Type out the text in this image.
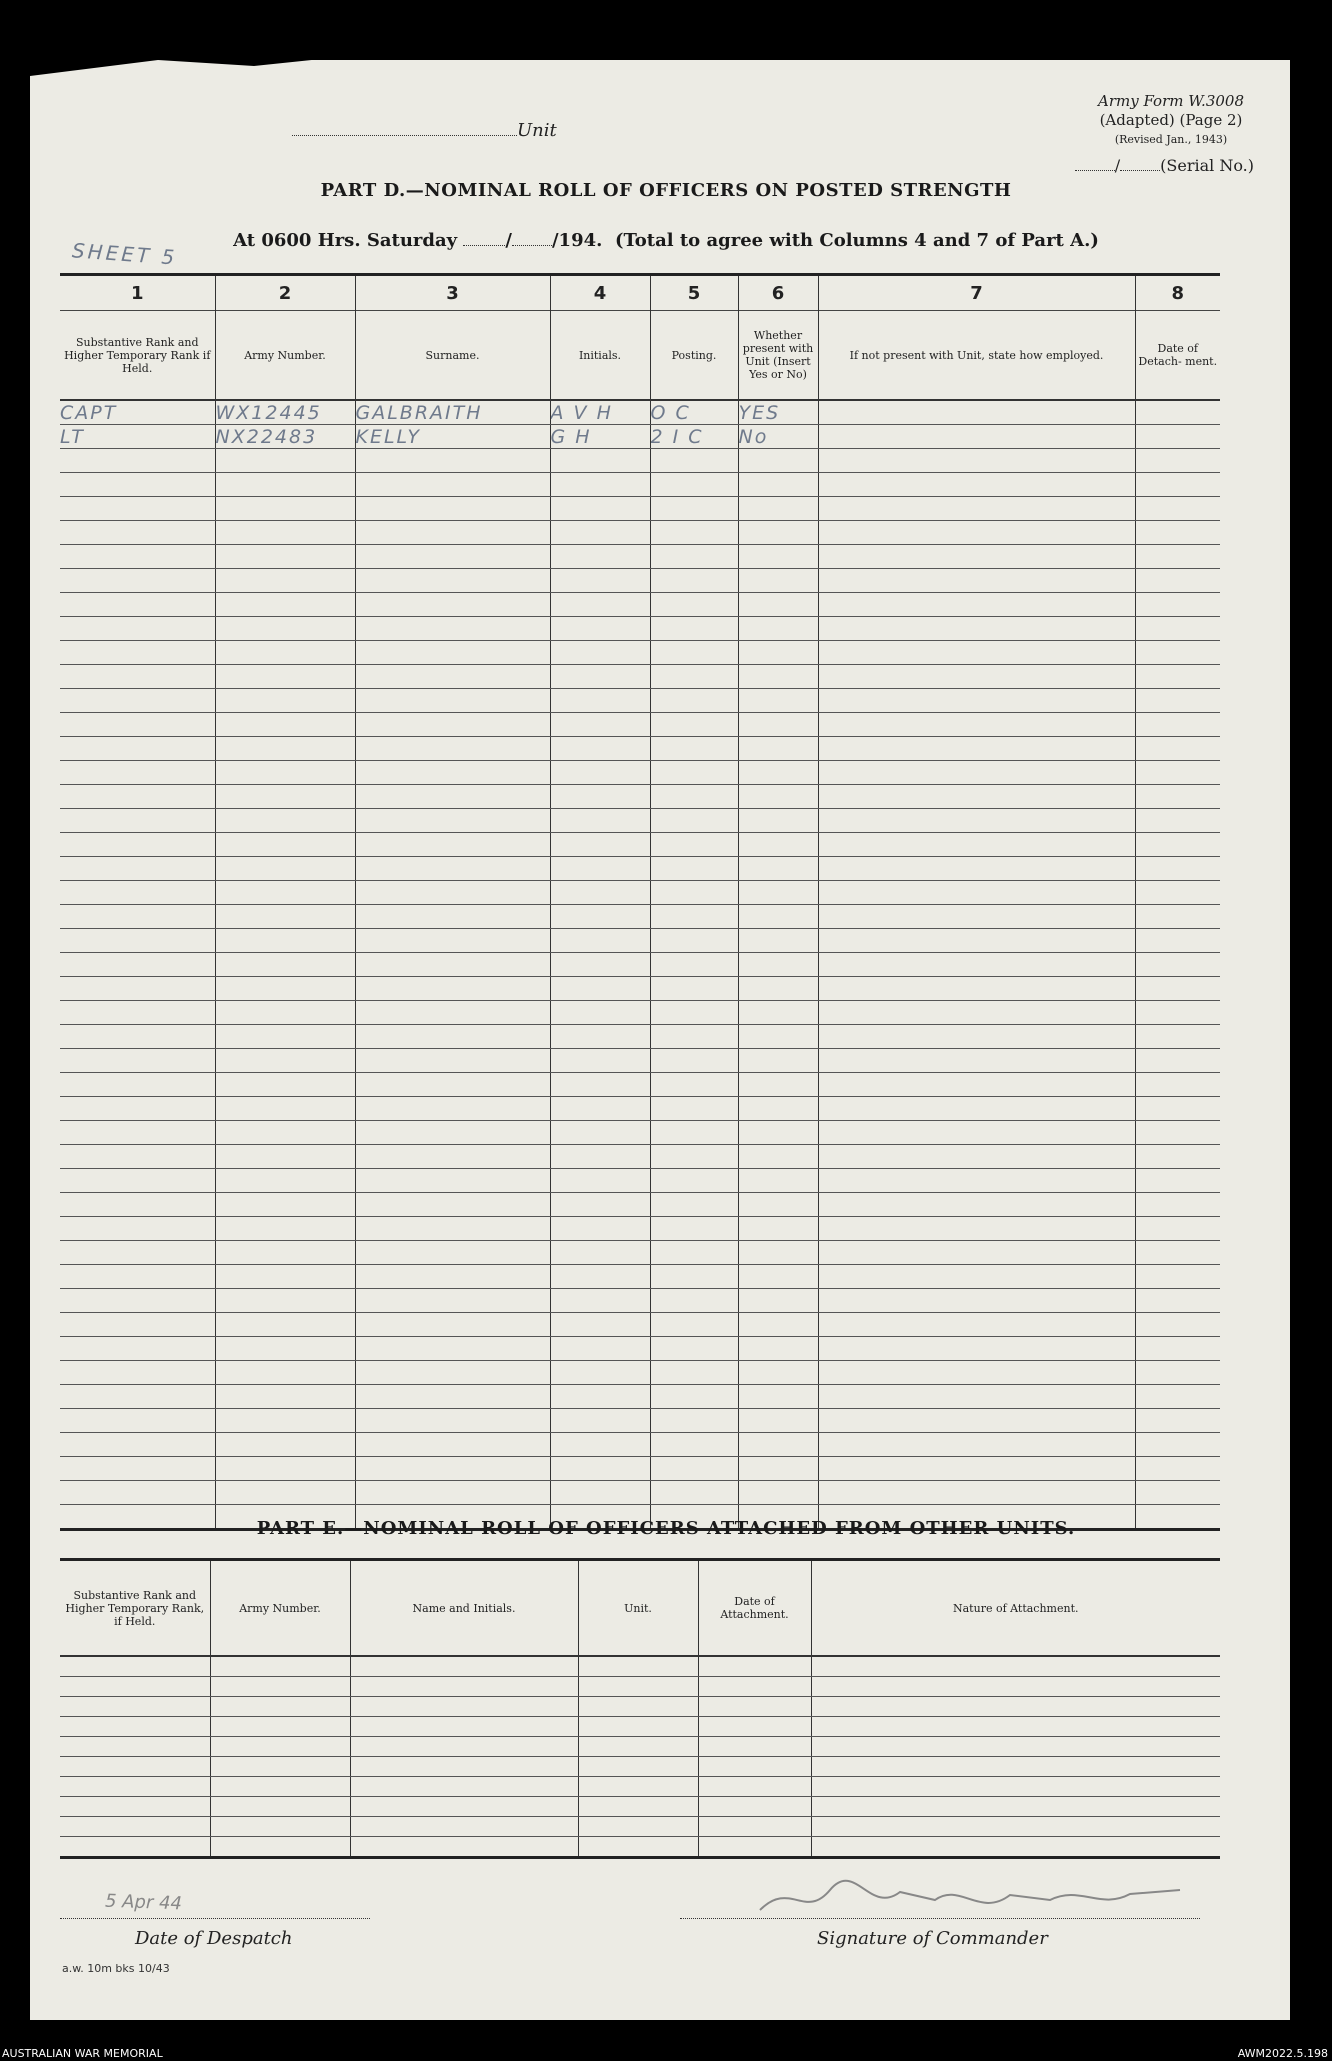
Army Form W.3008
(Adapted) (Page 2)
(Revised Jan., 1943)
Unit
/	(Serial No.)
PART D.—NOMINAL ROLL OF OFFICERS ON POSTED STRENGTH
At 0600 Hrs. Saturday	/ /194. (Total to agree with Columns 4 and 7 of Part A.)
SHEET 5
1	2	3	4	5	6	7	8
Substantive Rank and Higher Temporary Rank if Held.	Army Number.	Surname.	Initials.	Posting.	Whether present with Unit (Insert Yes or No)	If not present with Unit, state how employed.	Date of Detach- ment.
CAPT	WX12445	GALBRAITH	A V H	O C	YES		
LT	NX22483	KELLY	G H	2 I C	No		

PART E.—NOMINAL ROLL OF OFFICERS ATTACHED FROM OTHER UNITS.
Substantive Rank and Higher Temporary Rank, if Held.	Army Number.	Name and Initials.	Unit.	Date of Attachment.	Nature of Attachment.

Date of Despatch
5 Apr 44
Signature of Commander
a.w. 10m bks 10/43
AUSTRALIAN WAR MEMORIAL	AWM2022.5.198
